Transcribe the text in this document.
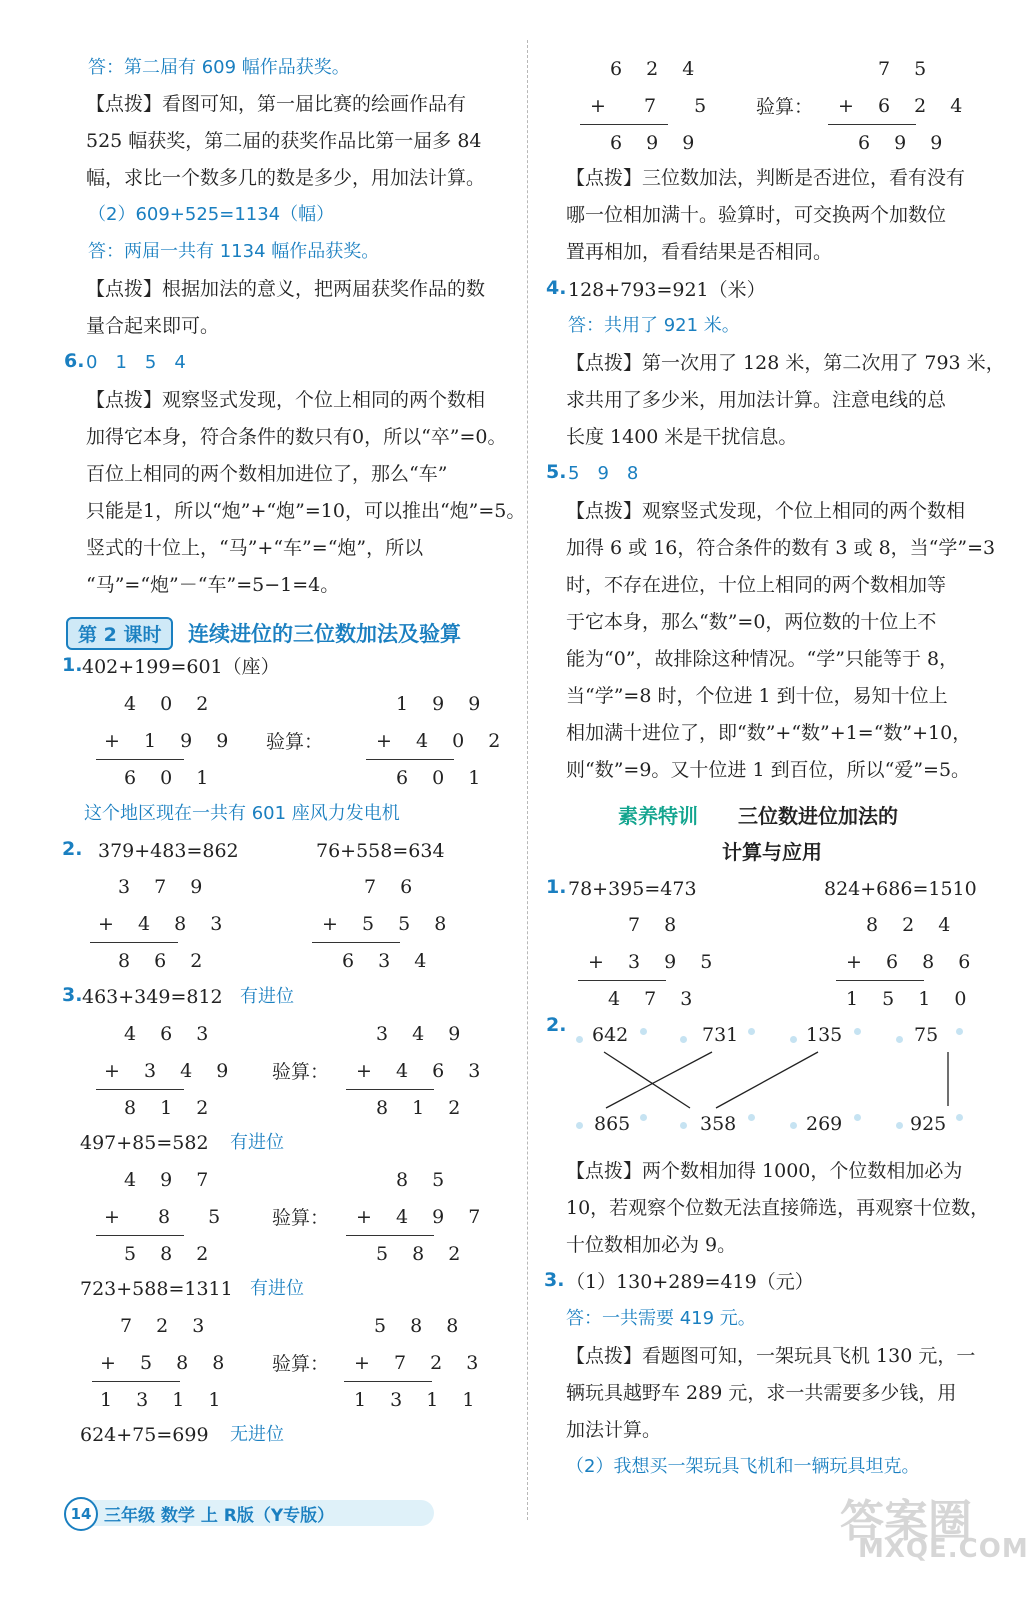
答：第二届有 609 幅作品获奖。
【点拨】看图可知，第一届比赛的绘画作品有
525 幅获奖，第二届的获奖作品比第一届多 84
幅，求比一个数多几的数是多少，用加法计算。
（2）609+525=1134（幅）
答：两届一共有 1134 幅作品获奖。
【点拨】根据加法的意义，把两届获奖作品的数
量合起来即可。
6. 0　1　5　4
【点拨】观察竖式发现，个位上相同的两个数相
加得它本身，符合条件的数只有0，所以“卒”=0。
百位上相同的两个数相加进位了，那么“车”
只能是1，所以“炮”+“炮”=10，可以推出“炮”=5。
竖式的十位上，“马”+“车”=“炮”，所以
“马”=“炮”－“车”=5−1=4。
第 2 课时	连续进位的三位数加法及验算
1. 402+199=601（座）
4 0 2
+ 1 9 9
6 0 1
验算：
1 9 9
+ 4 0 2
6 0 1
这个地区现在一共有 601 座风力发电机
2. 379+483=862	76+558=634
3 7 9
+ 4 8 3
8 6 2
7 6
+ 5 5 8
6 3 4
3. 463+349=812 有进位
4 6 3
+ 3 4 9
8 1 2
验算：
3 4 9
+ 4 6 3
8 1 2
497+85=582 有进位
4 9 7
+ 8 5
5 8 2
验算：
8 5
+ 4 9 7
5 8 2
723+588=1311 有进位
7 2 3
+ 5 8 8
1 3 1 1
验算：
5 8 8
+ 7 2 3
1 3 1 1
624+75=699 无进位
6 2 4
+ 7 5
6 9 9
验算：
7 5
+ 6 2 4
6 9 9
【点拨】三位数加法，判断是否进位，看有没有
哪一位相加满十。验算时，可交换两个加数位
置再相加，看看结果是否相同。
4. 128+793=921（米）
答：共用了 921 米。
【点拨】第一次用了 128 米，第二次用了 793 米，
求共用了多少米，用加法计算。注意电线的总
长度 1400 米是干扰信息。
5. 5　9　8
【点拨】观察竖式发现，个位上相同的两个数相
加得 6 或 16，符合条件的数有 3 或 8，当“学”=3
时，不存在进位，十位上相同的两个数相加等
于它本身，那么“数”=0，两位数的十位上不
能为“0”，故排除这种情况。“学”只能等于 8，
当“学”=8 时，个位进 1 到十位，易知十位上
相加满十进位了，即“数”+“数”+1=“数”+10，
则“数”=9。又十位进 1 到百位，所以“爱”=5。
素养特训 三位数进位加法的
计算与应用
1. 78+395=473	824+686=1510
7 8
+ 3 9 5
4 7 3
8 2 4
+ 6 8 6
1 5 1 0
2. 642	731	135	75
865	358	269	925
【点拨】两个数相加得 1000，个位数相加必为
10，若观察个位数无法直接筛选，再观察十位数，
十位数相加必为 9。
3. （1）130+289=419（元）
答：一共需要 419 元。
【点拨】看题图可知，一架玩具飞机 130 元，一
辆玩具越野车 289 元，求一共需要多少钱，用
加法计算。
（2）我想买一架玩具飞机和一辆玩具坦克。
14 三年级 数学 上 R版（Y专版）	答案圈
MXQE.COM
